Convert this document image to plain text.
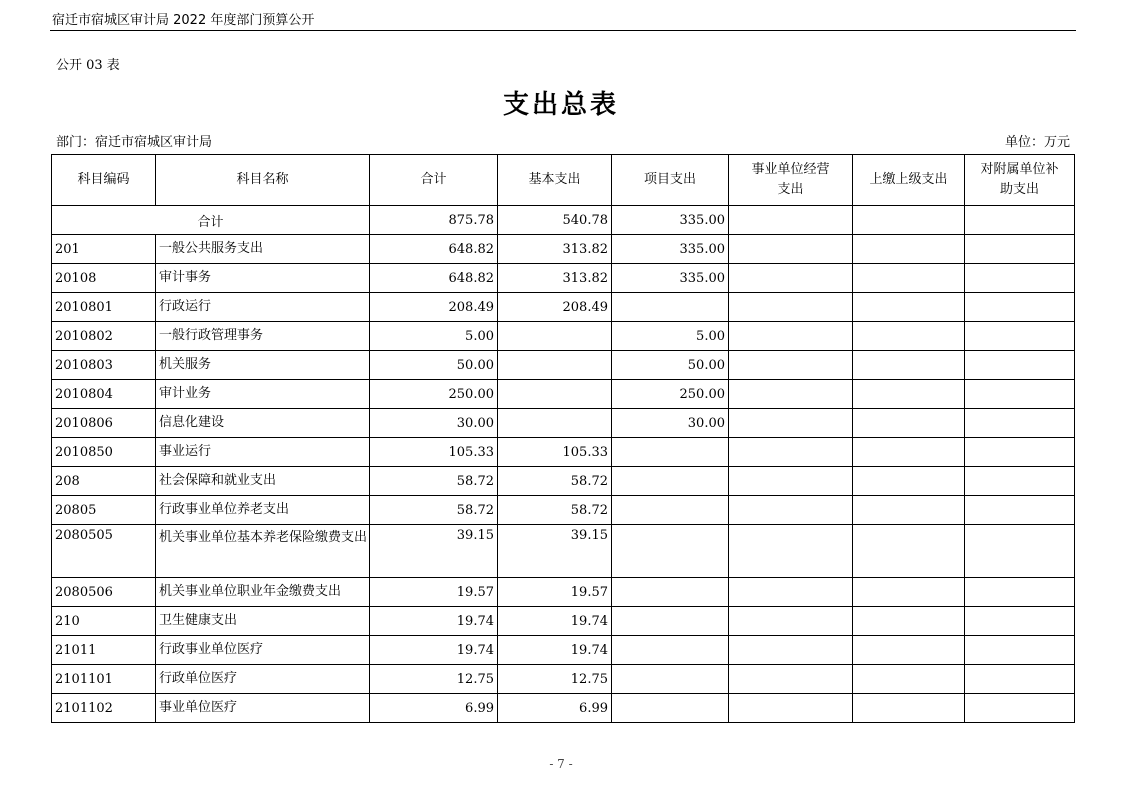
宿迁市宿城区审计局 2022 年度部门预算公开
公开 03 表
支出总表
部门：宿迁市宿城区审计局	单位：万元
科目编码	科目名称	合计	基本支出	项目支出	事业单位经营支出	上缴上级支出	对附属单位补助支出
合计		875.78	540.78	335.00			
201	一般公共服务支出	648.82	313.82	335.00			
20108	审计事务	648.82	313.82	335.00			
2010801	行政运行	208.49	208.49				
2010802	一般行政管理事务	5.00		5.00			
2010803	机关服务	50.00		50.00			
2010804	审计业务	250.00		250.00			
2010806	信息化建设	30.00		30.00			
2010850	事业运行	105.33	105.33				
208	社会保障和就业支出	58.72	58.72				
20805	行政事业单位养老支出	58.72	58.72				
2080505	机关事业单位基本养老保险缴费支出	39.15	39.15				
2080506	机关事业单位职业年金缴费支出	19.57	19.57				
210	卫生健康支出	19.74	19.74				
21011	行政事业单位医疗	19.74	19.74				
2101101	行政单位医疗	12.75	12.75				
2101102	事业单位医疗	6.99	6.99				
- 7 -
